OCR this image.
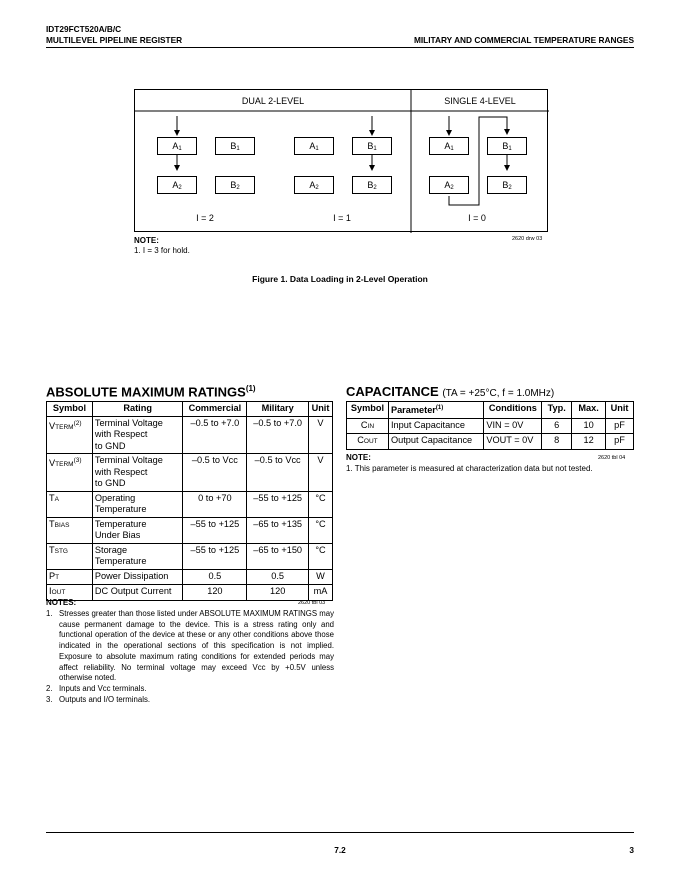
IDT29FCT520A/B/C
MULTILEVEL PIPELINE REGISTER	MILITARY AND COMMERCIAL TEMPERATURE RANGES
DUAL 2-LEVEL	SINGLE 4-LEVEL
$A_1$	$B_1$
$A_2$	$B_2$
$A_1$	$B_1$
$A_2$	$B_2$
$A_1$	$B_1$
$A_2$	$B_2$
I = 2	I = 1	I = 0
NOTE:
1. I = 3 for hold.
2620 drw 03
Figure 1. Data Loading in 2-Level Operation
ABSOLUTE MAXIMUM RATINGS$^{(1)}$
Symbol	Rating	Commercial	Military	Unit
VTERM$^{(2)}$	Terminal Voltage
with Respect
to GND	–0.5 to +7.0	–0.5 to +7.0	V
VTERM$^{(3)}$	Terminal Voltage
with Respect
to GND	–0.5 to Vcc	–0.5 to Vcc	V
TA	Operating
Temperature	0 to +70	–55 to +125	°C
TBIAS	Temperature
Under Bias	–55 to +125	–65 to +135	°C
TSTG	Storage
Temperature	–55 to +125	–65 to +150	°C
PT	Power Dissipation	0.5	0.5	W
IOUT	DC Output Current	120	120	mA
NOTES:	2620 tbl 03
1. Stresses greater than those listed under ABSOLUTE MAXIMUM RATINGS may cause permanent damage to the device. This is a stress rating only and functional operation of the device at these or any other conditions above those indicated in the operational sections of this specification is not implied. Exposure to absolute maximum rating conditions for extended periods may affect reliability. No terminal voltage may exceed Vcc by +0.5V unless otherwise noted.
2. Inputs and Vcc terminals.
3. Outputs and I/O terminals.
CAPACITANCE (TA = +25°C, f = 1.0MHz)
Symbol	Parameter$^{(1)}$	Conditions	Typ.	Max.	Unit
CIN	Input Capacitance	VIN = 0V	6	10	pF
COUT	Output Capacitance	VOUT = 0V	8	12	pF
NOTE:	2620 tbl 04
1. This parameter is measured at characterization data but not tested.
7.2	3
